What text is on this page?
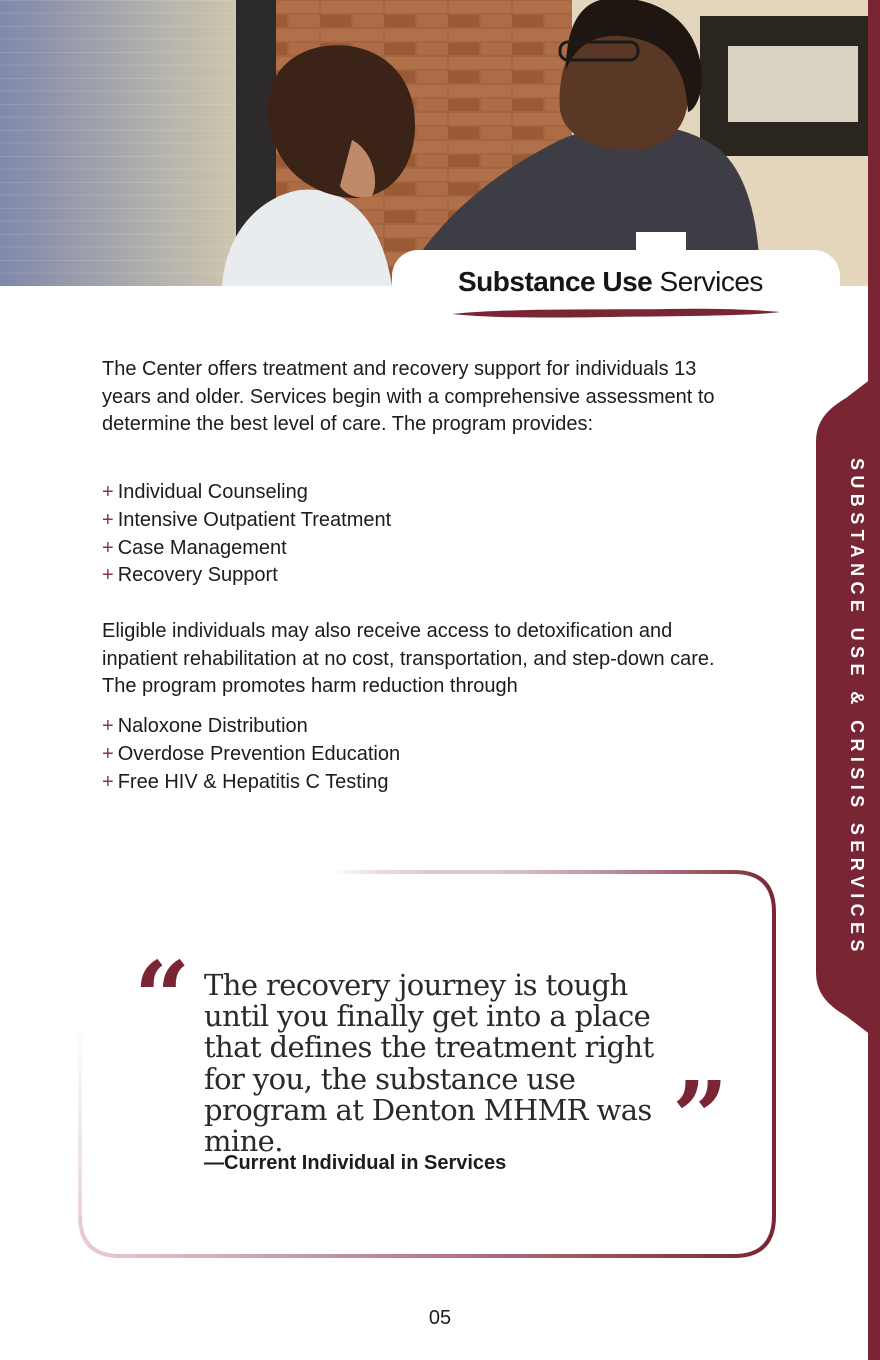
Substance Use Services
SUBSTANCE USE & CRISIS SERVICES

The Center offers treatment and recovery support for individuals 13 years and older. Services begin with a comprehensive assessment to determine the best level of care. The program provides:

+ Individual Counseling
+ Intensive Outpatient Treatment
+ Case Management
+ Recovery Support

Eligible individuals may also receive access to detoxification and inpatient rehabilitation at no cost, transportation, and step-down care. The program promotes harm reduction through

+ Naloxone Distribution
+ Overdose Prevention Education
+ Free HIV & Hepatitis C Testing
“ The recovery journey is tough until you finally get into a place that defines the treatment right for you, the substance use program at Denton MHMR was mine.	”
—Current Individual in Services
05
